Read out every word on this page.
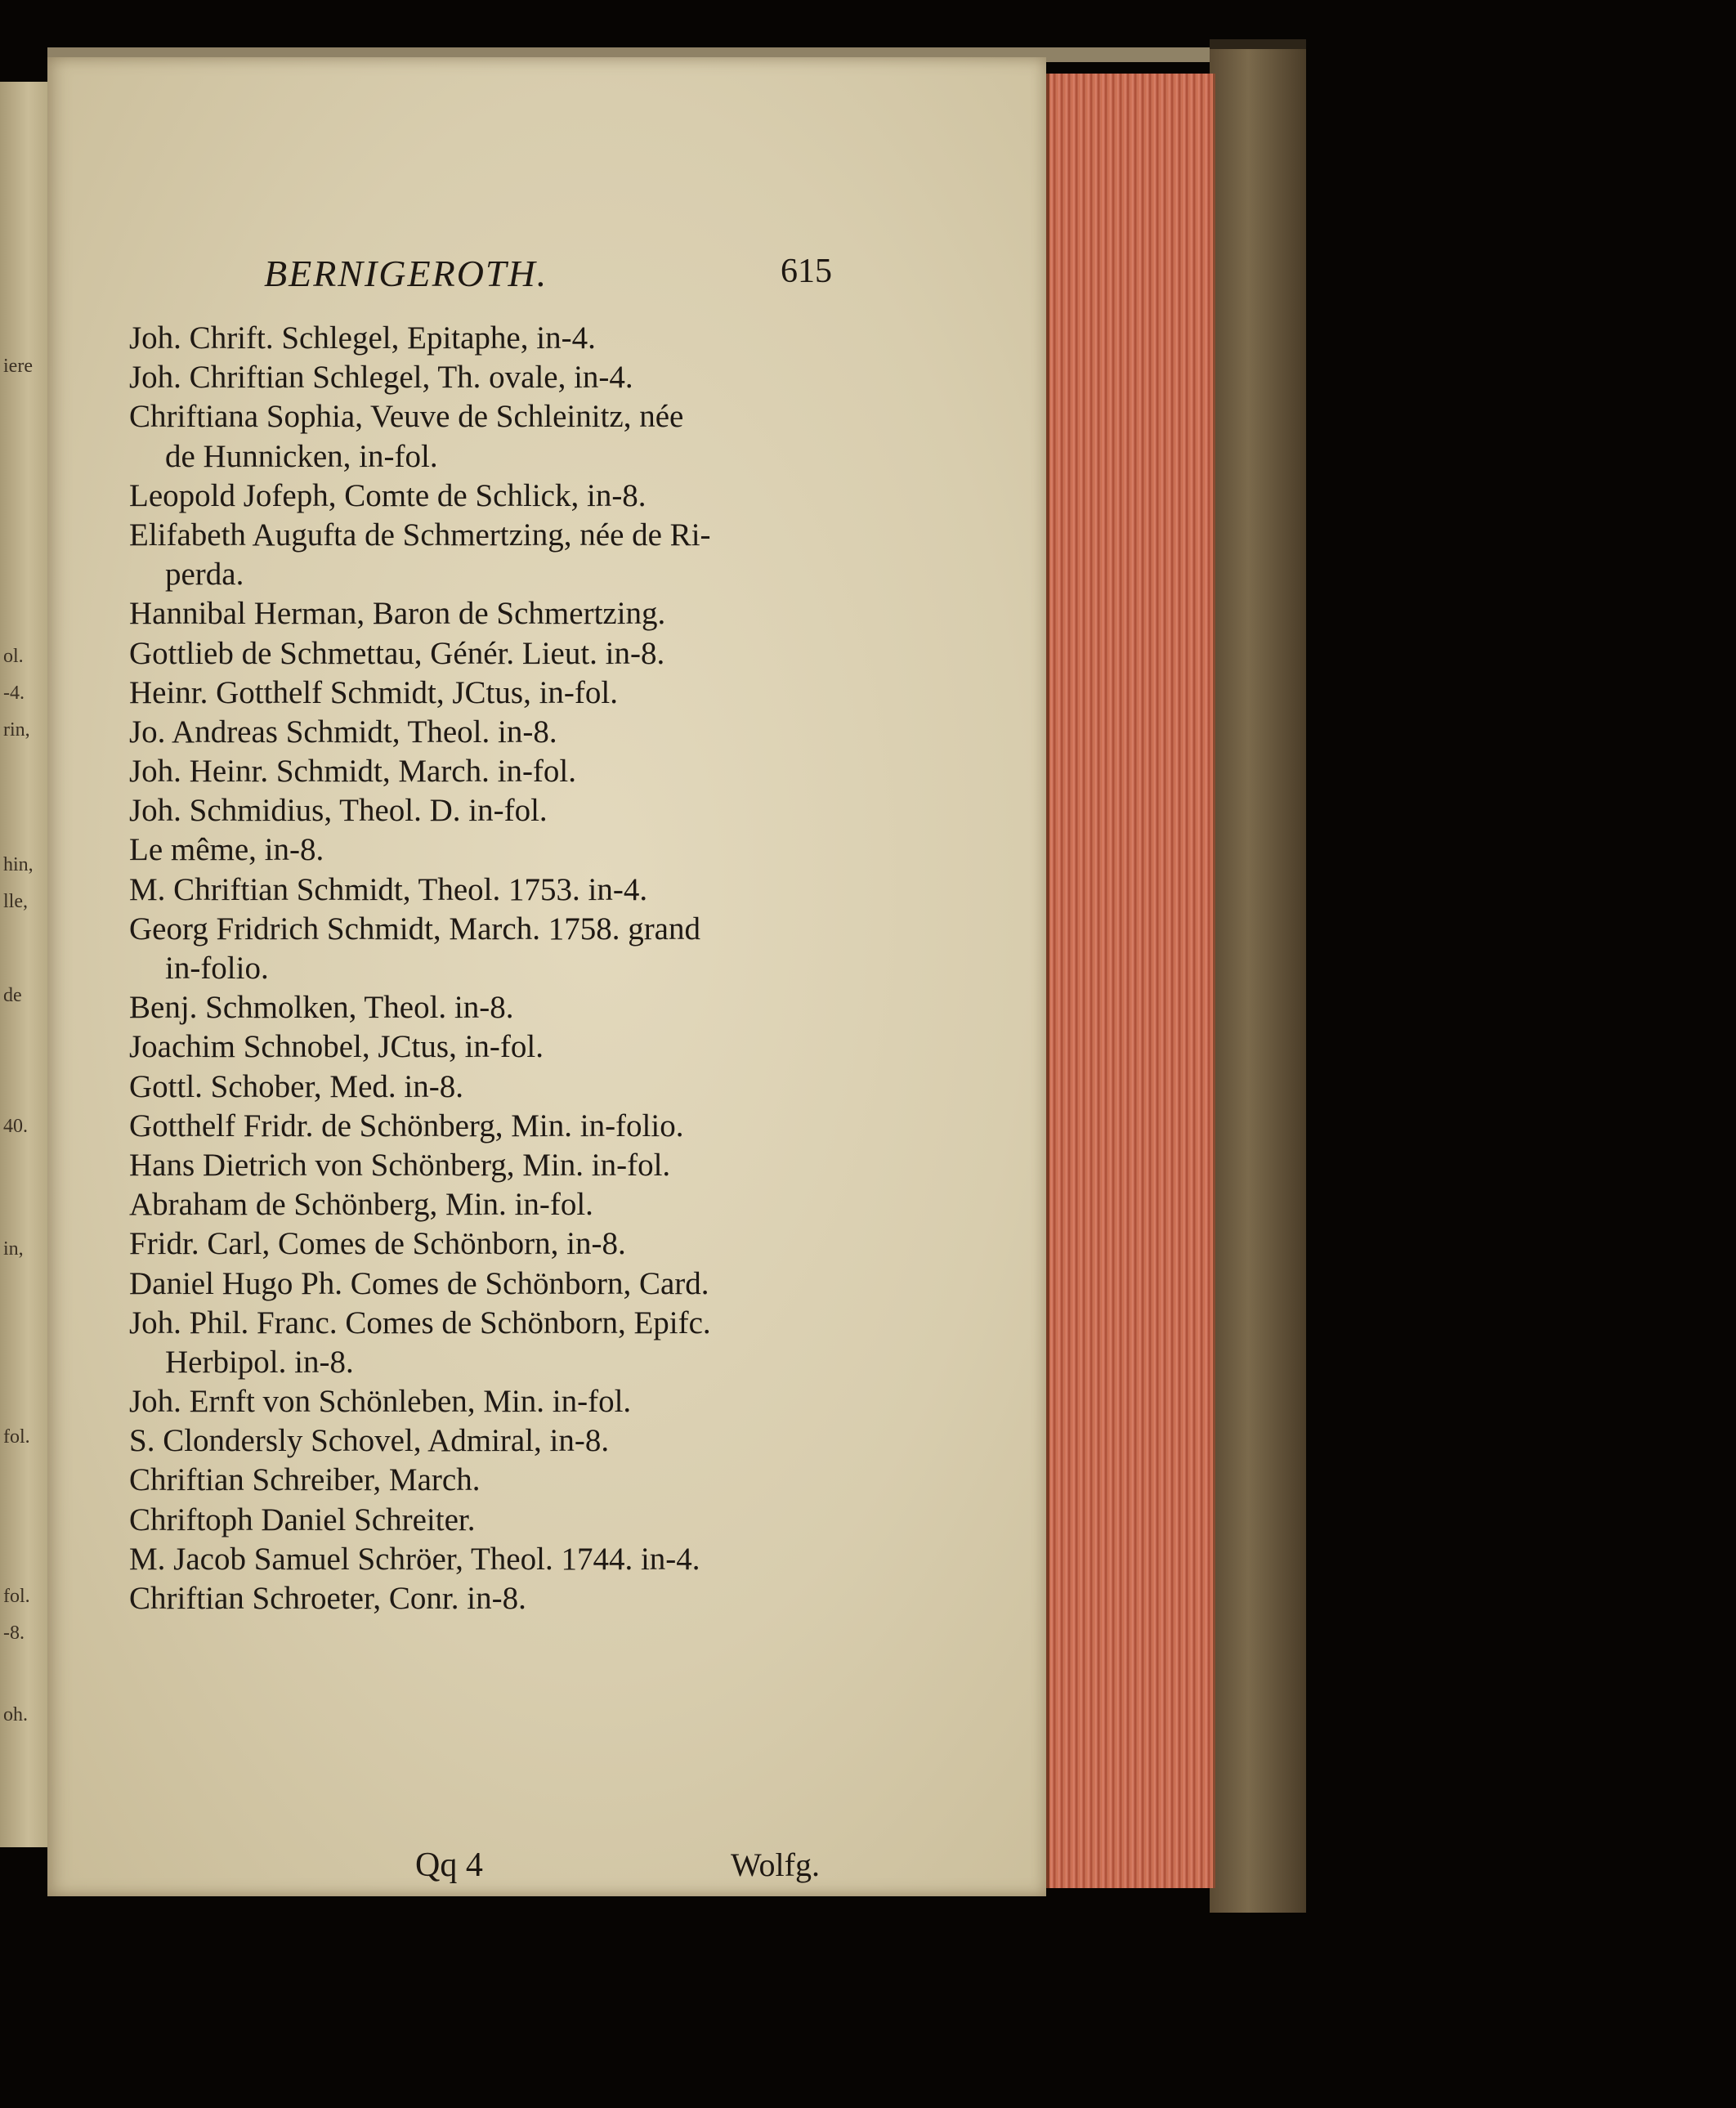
iere
ol.
-4.
rin,
hin,
lle,
de
40.
in,
fol.
fol.
-8.
oh.
BERNIGEROTH.	615
Joh. Chrift. Schlegel, Epitaphe, in-4.
Joh. Chriftian Schlegel, Th. ovale, in-4.
Chriftiana Sophia, Veuve de Schleinitz, née
de Hunnicken, in-fol.
Leopold Jofeph, Comte de Schlick, in-8.
Elifabeth Augufta de Schmertzing, née de Ri-
perda.
Hannibal Herman, Baron de Schmertzing.
Gottlieb de Schmettau, Génér. Lieut. in-8.
Heinr. Gotthelf Schmidt, JCtus, in-fol.
Jo. Andreas Schmidt, Theol. in-8.
Joh. Heinr. Schmidt, March. in-fol.
Joh. Schmidius, Theol. D. in-fol.
Le même, in-8.
M. Chriftian Schmidt, Theol. 1753. in-4.
Georg Fridrich Schmidt, March. 1758. grand
in-folio.
Benj. Schmolken, Theol. in-8.
Joachim Schnobel, JCtus, in-fol.
Gottl. Schober, Med. in-8.
Gotthelf Fridr. de Schönberg, Min. in-folio.
Hans Dietrich von Schönberg, Min. in-fol.
Abraham de Schönberg, Min. in-fol.
Fridr. Carl, Comes de Schönborn, in-8.
Daniel Hugo Ph. Comes de Schönborn, Card.
Joh. Phil. Franc. Comes de Schönborn, Epifc.
Herbipol. in-8.
Joh. Ernft von Schönleben, Min. in-fol.
S. Clondersly Schovel, Admiral, in-8.
Chriftian Schreiber, March.
Chriftoph Daniel Schreiter.
M. Jacob Samuel Schröer, Theol. 1744. in-4.
Chriftian Schroeter, Conr. in-8.
Qq 4	Wolfg.
